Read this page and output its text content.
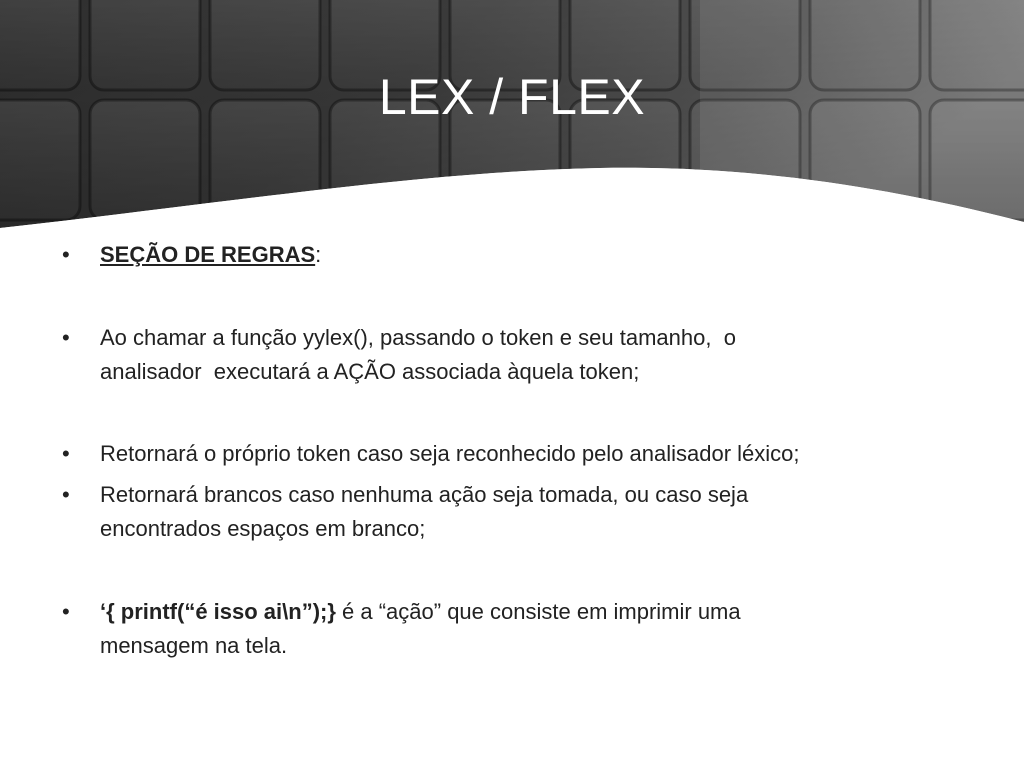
LEX / FLEX
•	SEÇÃO DE REGRAS:
•	Ao chamar a função yylex(), passando o token e seu tamanho,  o
analisador  executará a AÇÃO associada àquela token;
•	Retornará o próprio token caso seja reconhecido pelo analisador léxico;
•	Retornará brancos caso nenhuma ação seja tomada, ou caso seja
encontrados espaços em branco;
•	‘{ printf(“é isso ai\n”);} é a “ação” que consiste em imprimir uma
mensagem na tela.
